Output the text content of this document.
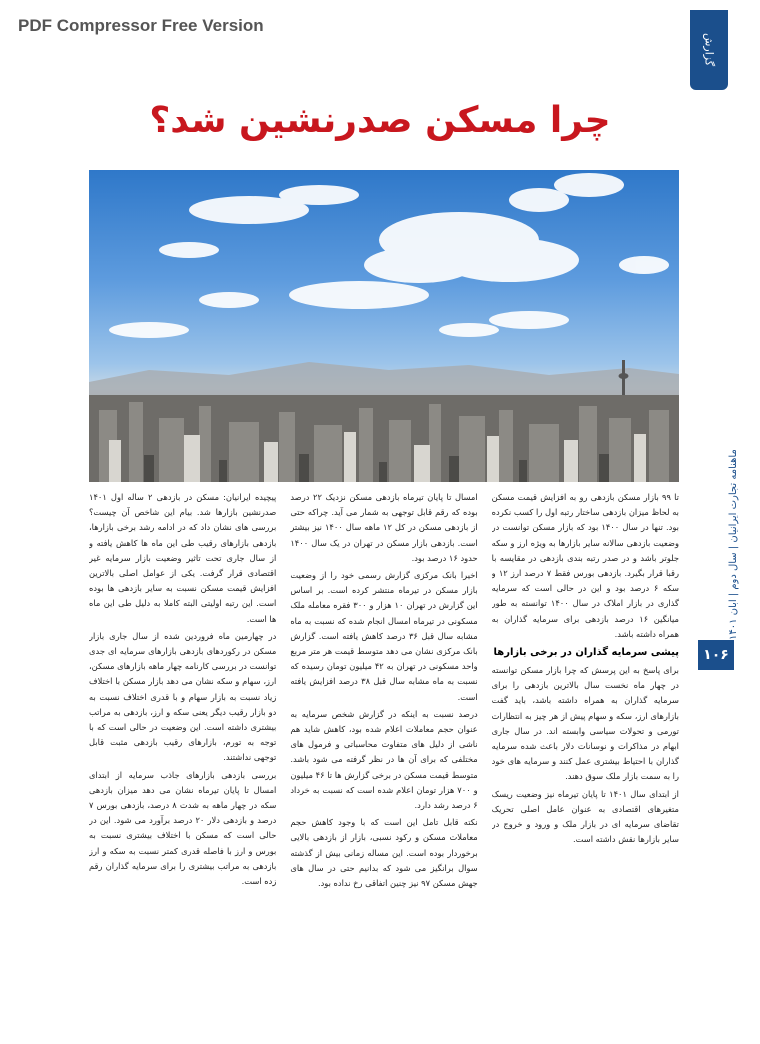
PDF Compressor Free Version
گزارش
چرا مسکن صدرنشین شد؟
ماهنامه تجارت ایرانیان | سال دوم | آبان ۱۴۰۱
۱۰۶

پیچیده ایرانیان: مسکن در بازدهی ۲ ساله اول ۱۴۰۱ صدرنشین بازارها شد. بیام این شاخص آن چیست؟ بررسی های نشان داد که در ادامه رشد برخی بازارها، بازدهی بازارهای رقیب طی این ماه ها کاهش یافته و از سال جاری تحت تاثیر وضعیت بازار سرمایه غیر اقتصادی قرار گرفت. یکی از عوامل اصلی بالاترین افزایش قیمت مسکن نسبت به سایر بازدهی ها بوده است. این رتبه اولیتی البته کاملا به دلیل طی این ماه ها است.

در چهارمین ماه فروردین شده از سال جاری بازار مسکن در رکوردهای بازدهی بازارهای سرمایه ای جدی توانست در بررسی کارنامه چهار ماهه بازارهای مسکن، ارز، سهام و سکه نشان می دهد بازار مسکن با اختلاف زیاد نسبت به بازار سهام و با قدری اختلاف نسبت به دو بازار رقیب دیگر یعنی سکه و ارز، بازدهی به مراتب بیشتری داشته است. این وضعیت در حالی است که با توجه به تورم، بازارهای رقیب بازدهی مثبت قابل توجهی نداشتند.

بررسی بازدهی بازارهای جاذب سرمایه از ابتدای امسال تا پایان تیرماه نشان می دهد میزان بازدهی سکه در چهار ماهه به شدت ۸ درصد، بازدهی بورس ۷ درصد و بازدهی دلار ۲۰ درصد برآورد می شود. این در حالی است که مسکن با اختلاف بیشتری نسبت به بورس و ارز با فاصله قدری کمتر نسبت به سکه و ارز بازدهی به مراتب بیشتری را برای سرمایه گذاران رقم زده است.

امسال تا پایان تیرماه بازدهی مسکن نزدیک ۲۲ درصد بوده که رقم قابل توجهی به شمار می آید. چراکه حتی از بازدهی مسکن در کل ۱۲ ماهه سال ۱۴۰۰ نیز بیشتر است. بازدهی بازار مسکن در تهران در یک سال ۱۴۰۰ حدود ۱۶ درصد بود.

اخیرا بانک مرکزی گزارش رسمی خود را از وضعیت بازار مسکن در تیرماه منتشر کرده است. بر اساس این گزارش در تهران ۱۰ هزار و ۳۰۰ فقره معامله ملک مسکونی در تیرماه امسال انجام شده که نسبت به ماه مشابه سال قبل ۳۶ درصد کاهش یافته است. گزارش بانک مرکزی نشان می دهد متوسط قیمت هر متر مربع واحد مسکونی در تهران به ۴۲ میلیون تومان رسیده که نسبت به ماه مشابه سال قبل ۳۸ درصد افزایش یافته است.

درصد نسبت به اینکه در گزارش شخص سرمایه به عنوان حجم معاملات اعلام شده بود، کاهش شاید هم ناشی از دلیل های متفاوت محاسباتی و فرمول های مختلفی که برای آن ها در نظر گرفته می شود باشد. متوسط قیمت مسکن در برخی گزارش ها تا ۴۶ میلیون و ۷۰۰ هزار تومان اعلام شده است که نسبت به خرداد ۶ درصد رشد دارد.

نکته قابل تامل این است که با وجود کاهش حجم معاملات مسکن و رکود نسبی، بازار از بازدهی بالایی برخوردار بوده است. این مساله زمانی بیش از گذشته سوال برانگیز می شود که بدانیم حتی در سال های جهش مسکن ۹۷ نیز چنین اتفاقی رخ نداده بود.

تا ۹۹ بازار مسکن بازدهی رو به افزایش قیمت مسکن به لحاظ میزان بازدهی ساختار رتبه اول را کسب نکرده بود. تنها در سال ۱۴۰۰ بود که بازار مسکن توانست در وضعیت بازدهی سالانه سایر بازارها به ویژه ارز و سکه جلوتر باشد و در صدر رتبه بندی بازدهی در مقایسه با رقبا قرار بگیرد. بازدهی بورس فقط ۷ درصد ارز ۱۲ و سکه ۶ درصد بود و این در حالی است که سرمایه گذاری در بازار املاک در سال ۱۴۰۰ توانسته به طور میانگین ۱۶ درصد بازدهی برای سرمایه گذاران به همراه داشته باشد.

پیشی سرمایه گذاران در برخی بازارها

برای پاسخ به این پرسش که چرا بازار مسکن توانسته در چهار ماه نخست سال بالاترین بازدهی را برای سرمایه گذاران به همراه داشته باشد، باید گفت بازارهای ارز، سکه و سهام پیش از هر چیز به انتظارات تورمی و تحولات سیاسی وابسته اند. در سال جاری ابهام در مذاکرات و نوسانات دلار باعث شده سرمایه گذاران با احتیاط بیشتری عمل کنند و سرمایه های خود را به سمت بازار ملک سوق دهند.

از ابتدای سال ۱۴۰۱ تا پایان تیرماه نیز وضعیت ریسک متغیرهای اقتصادی به عنوان عامل اصلی تحریک تقاضای سرمایه ای در بازار ملک و ورود و خروج در سایر بازارها نقش داشته است.
